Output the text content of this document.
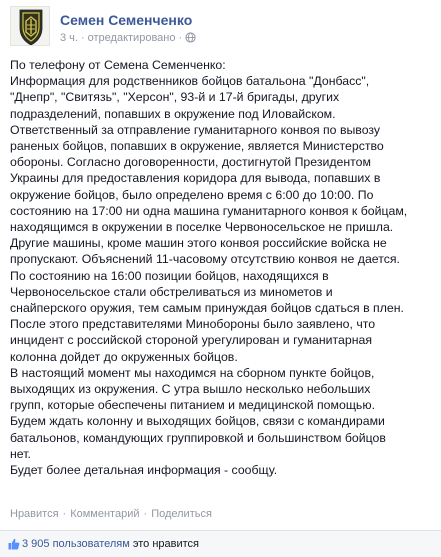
Семен Семенченко
3 ч. · отредактировано ·
По телефону от Семена Семенченко:
Информация для родственников бойцов батальона "Донбасс",
"Днепр", "Свитязь", "Херсон", 93-й и 17-й бригады, других
подразделений, попавших в окружение под Иловайском.
Ответственный за отправление гуманитарного конвоя по вывозу
раненых бойцов, попавших в окружение, является Министерство
обороны. Согласно договоренности, достигнутой Президентом
Украины для предоставления коридора для вывода, попавших в
окружение бойцов, было определено время с 6:00 до 10:00. По
состоянию на 17:00 ни одна машина гуманитарного конвоя к бойцам,
находящимся в окружении в поселке Червоносельское не пришла.
Другие машины, кроме машин этого конвоя российские войска не
пропускают. Объяснений 11-часовому отсутствию конвоя не дается.
По состоянию на 16:00 позиции бойцов, находящихся в
Червоносельское стали обстреливаться из минометов и
снайперского оружия, тем самым принуждая бойцов сдаться в плен.
После этого представителями Минобороны было заявлено, что
инцидент с российской стороной урегулирован и гуманитарная
колонна дойдет до окруженных бойцов.
В настоящий момент мы находимся на сборном пункте бойцов,
выходящих из окружения. С утра вышло несколько небольших
групп, которые обеспечены питанием и медицинской помощью.
Будем ждать колонну и выходящих бойцов, связи с командирами
батальонов, командующих группировкой и большинством бойцов
нет.
Будет более детальная информация - сообщу.
Нравится · Комментарий · Поделиться
3 905 пользователям это нравится
